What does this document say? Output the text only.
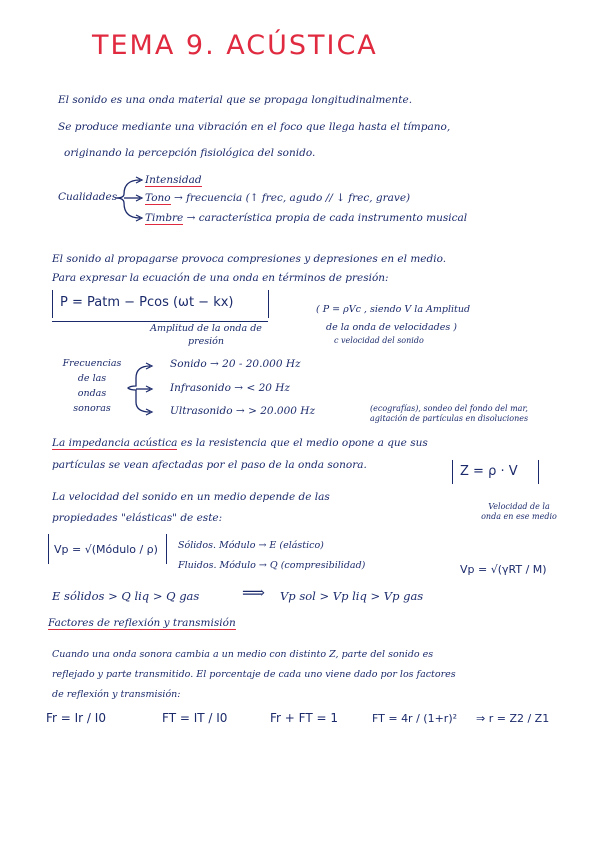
TEMA 9. ACÚSTICA
El sonido es una onda material que se propaga longitudinalmente.
Se produce mediante una vibración en el foco que llega hasta el tímpano,
originando la percepción fisiológica del sonido.
Cualidades
Intensidad
Tono → frecuencia (↑ frec, agudo // ↓ frec, grave)
Timbre → característica propia de cada instrumento musical
El sonido al propagarse provoca compresiones y depresiones en el medio.
Para expresar la ecuación de una onda en términos de presión:
P = Patm − Pcos (ωt − kx)
Amplitud de la onda de presión
( P = ρVc , siendo V la Amplitud
de la onda de velocidades )
c velocidad del sonido
Frecuencias
de las
ondas
sonoras
Sonido → 20 - 20.000 Hz
Infrasonido → < 20 Hz
Ultrasonido → > 20.000 Hz	(ecografías), sondeo del fondo del mar, agitación de partículas en disoluciones
La impedancia acústica es la resistencia que el medio opone a que sus
partículas se vean afectadas por el paso de la onda sonora.	Z = ρ · V
Velocidad de la
onda en ese medio
La velocidad del sonido en un medio depende de las
propiedades "elásticas" de este:
Vp = √(Módulo / ρ) Sólidos. Módulo → E (elástico)
Fluidos. Módulo → Q (compresibilidad)	Vp = √(γRT / M)
E sólidos > Q liq > Q gas	⟹ Vp sol > Vp liq > Vp gas
Factores de reflexión y transmisión
Cuando una onda sonora cambia a un medio con distinto Z, parte del sonido es
reflejado y parte transmitido. El porcentaje de cada uno viene dado por los factores
de reflexión y transmisión:
Fr = Ir / I0	FT = IT / I0	Fr + FT = 1	FT = 4r / (1+r)² ⇒ r = Z2 / Z1
